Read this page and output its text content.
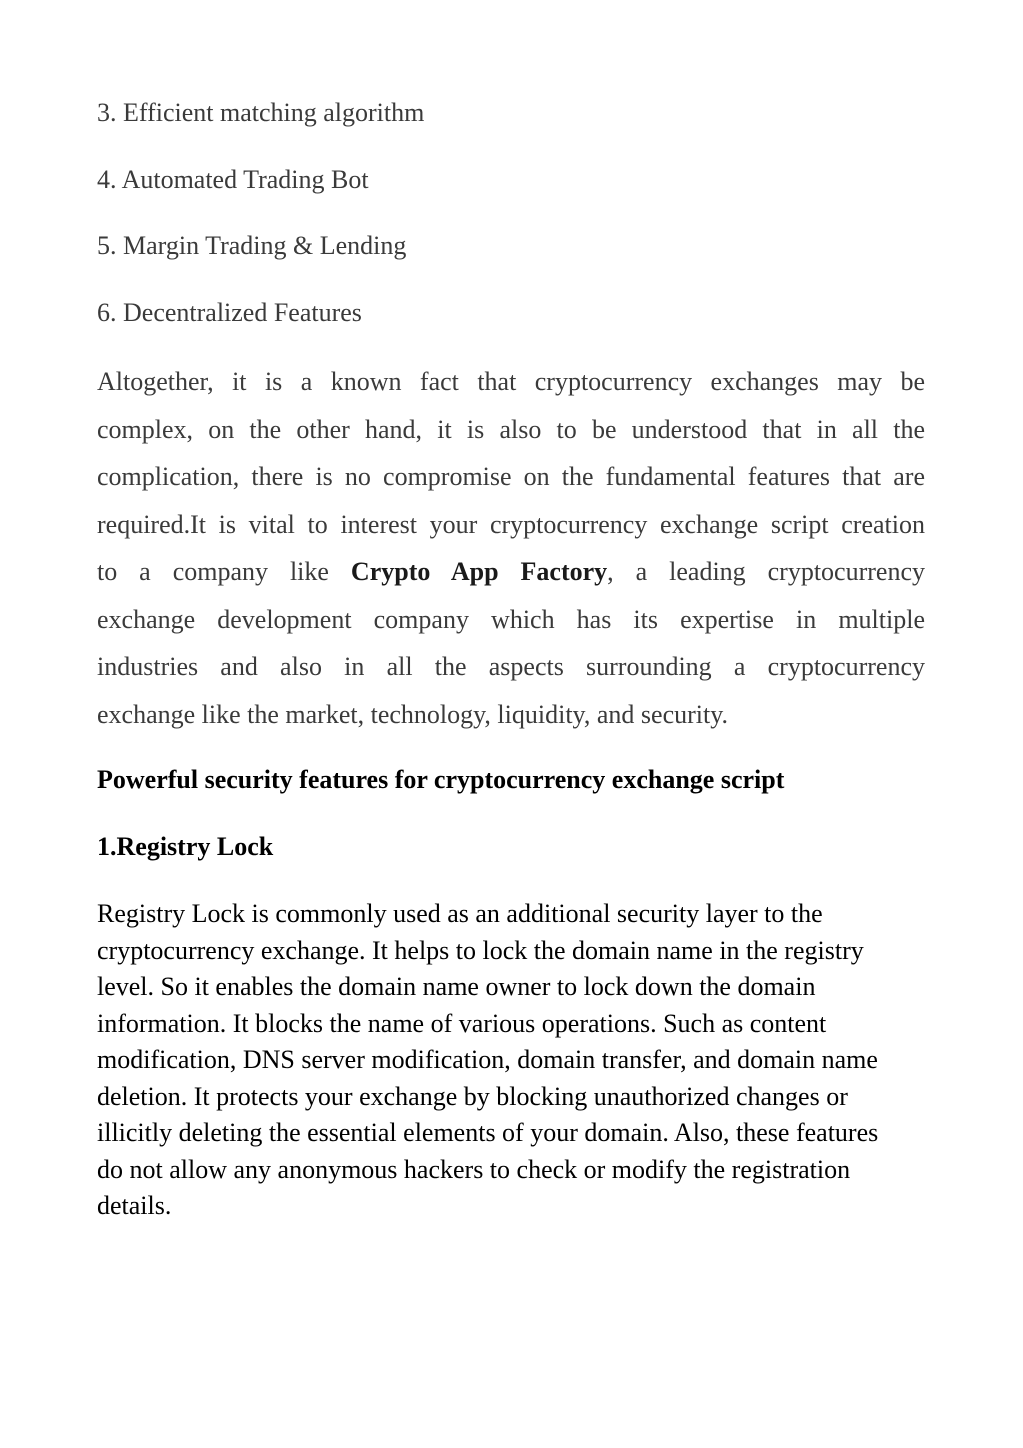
3. Efficient matching algorithm

4. Automated Trading Bot

5. Margin Trading & Lending

6. Decentralized Features

Altogether, it is a known fact that cryptocurrency exchanges may be
complex, on the other hand, it is also to be understood that in all the
complication, there is no compromise on the fundamental features that are
required.It is vital to interest your cryptocurrency exchange script creation
to a company like Crypto App Factory, a leading cryptocurrency
exchange development company which has its expertise in multiple
industries and also in all the aspects surrounding a cryptocurrency
exchange like the market, technology, liquidity, and security.
Powerful security features for cryptocurrency exchange script
1.Registry Lock
Registry Lock is commonly used as an additional security layer to the
cryptocurrency exchange. It helps to lock the domain name in the registry
level. So it enables the domain name owner to lock down the domain
information. It blocks the name of various operations. Such as content
modification, DNS server modification, domain transfer, and domain name
deletion. It protects your exchange by blocking unauthorized changes or
illicitly deleting the essential elements of your domain. Also, these features
do not allow any anonymous hackers to check or modify the registration
details.
